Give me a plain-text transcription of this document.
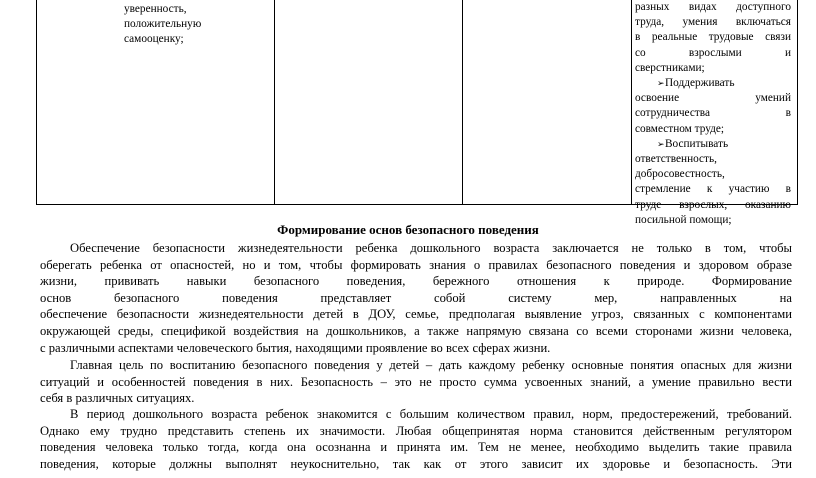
уверенность,
положительную
самооценку;
разных видах доступного
труда, умения включаться
в реальные трудовые связи
со взрослыми и
сверстниками;
➢ Поддерживать
освоение умений
сотрудничества в
совместном труде;
➢ Воспитывать
ответственность,
добросовестность,
стремление к участию в
труде взрослых, оказанию
посильной помощи;
Формирование основ безопасного поведения
Обеспечение безопасности жизнедеятельности ребенка дошкольного возраста заключается не только в том, чтобы
оберегать ребенка от опасностей, но и том, чтобы формировать знания о правилах безопасного поведения и здоровом образе
жизни, прививать навыки безопасного поведения, бережного отношения к природе. Формирование
основ безопасного поведения представляет собой систему мер, направленных на
обеспечение безопасности жизнедеятельности детей в ДОУ, семье, предполагая выявление угроз, связанных с компонентами
окружающей среды, спецификой воздействия на дошкольников, а также напрямую связана со всеми сторонами жизни человека,
с различными аспектами человеческого бытия, находящими проявление во всех сферах жизни.
Главная цель по воспитанию безопасного поведения у детей – дать каждому ребенку основные понятия опасных для жизни
ситуаций и особенностей поведения в них. Безопасность – это не просто сумма усвоенных знаний, а умение правильно вести
себя в различных ситуациях.
В период дошкольного возраста ребенок знакомится с большим количеством правил, норм, предостережений, требований.
Однако ему трудно представить степень их значимости. Любая общепринятая норма становится действенным регулятором
поведения человека только тогда, когда она осознанна и принята им. Тем не менее, необходимо выделить такие правила
поведения, которые должны выполнят неукоснительно, так как от этого зависит их здоровье и безопасность. Эти
